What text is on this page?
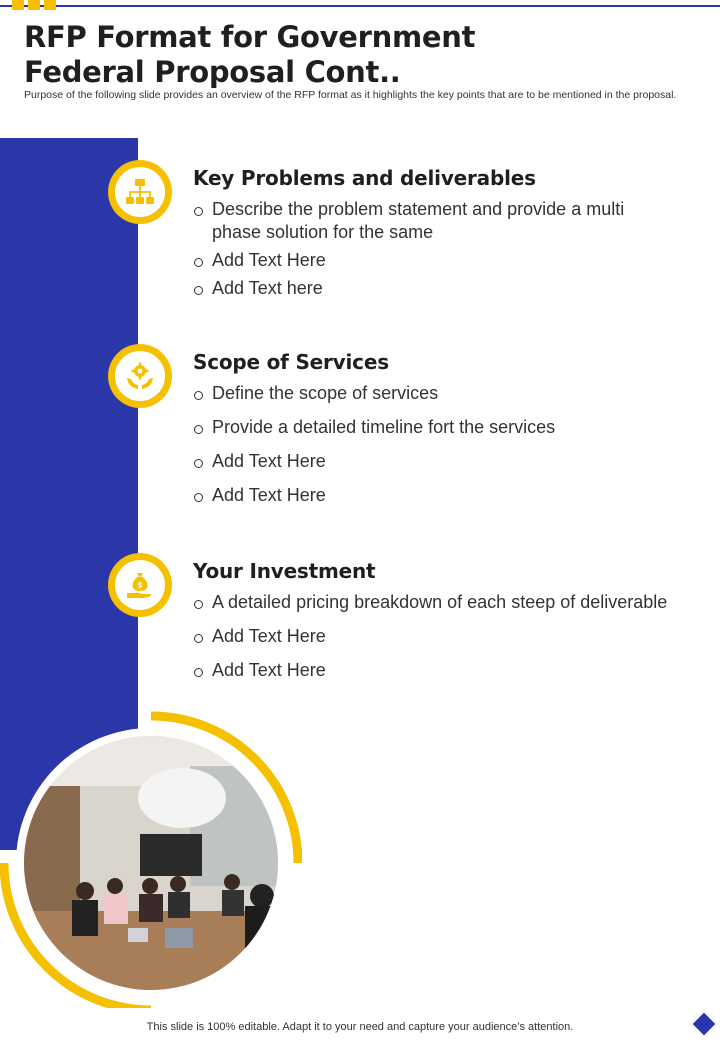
RFP Format for Government
Federal Proposal Cont..
Purpose of the following slide provides an overview of the RFP format as it highlights the key points that are to be mentioned in the proposal.
$
Key Problems and deliverables
Describe the problem statement and provide a multi phase solution for the same
Add Text Here
Add Text here
Scope of Services
Define the scope of services
Provide a detailed timeline fort the services
Add Text Here
Add Text Here
Your Investment
A detailed pricing breakdown of each steep of deliverable
Add Text Here
Add Text Here
This slide is 100% editable. Adapt it to your need and capture your audience’s attention.
